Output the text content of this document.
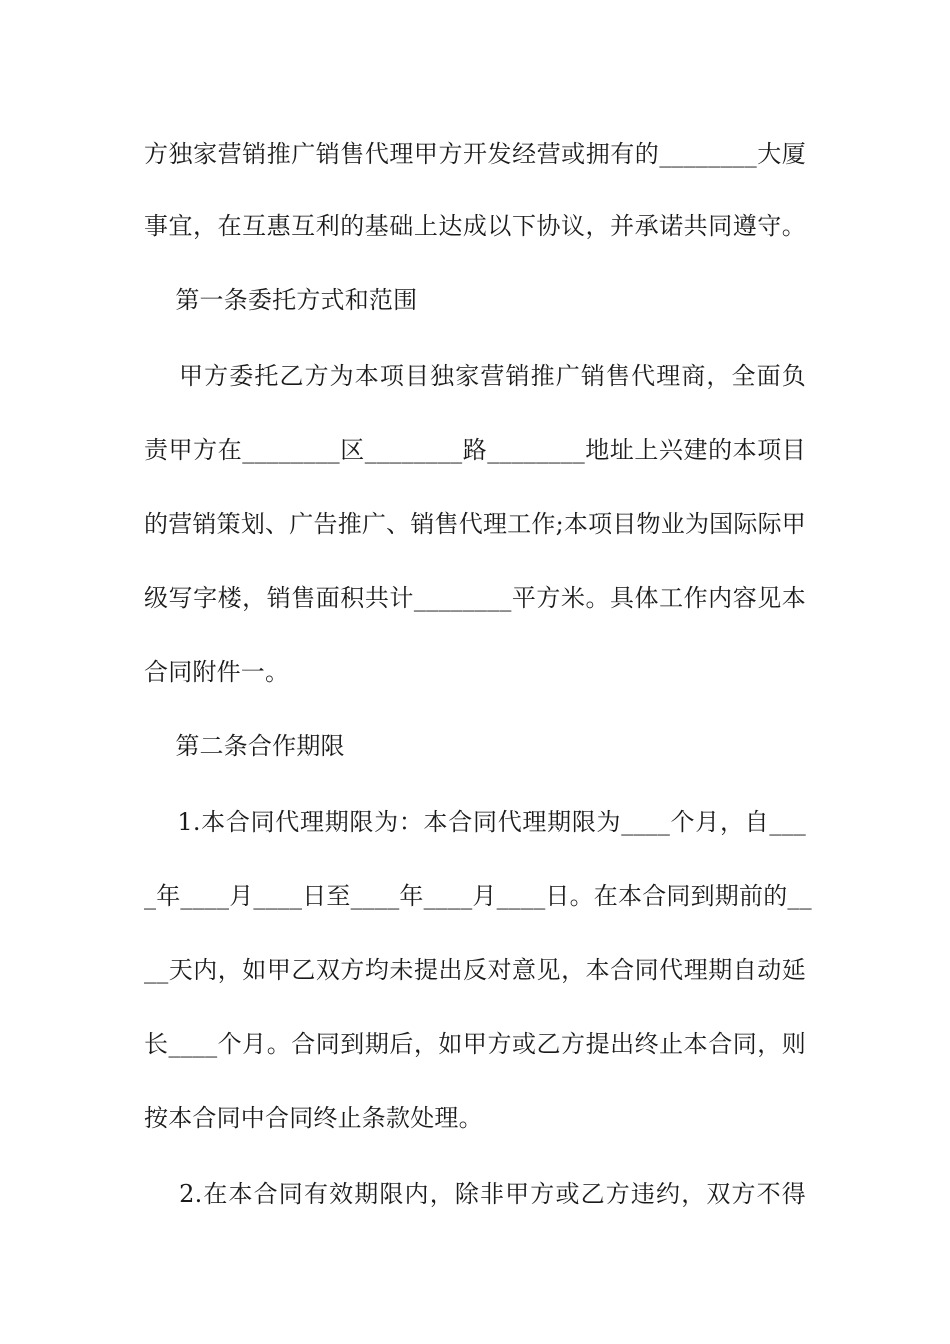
方独家营销推广销售代理甲方开发经营或拥有的________大厦
事宜，在互惠互利的基础上达成以下协议，并承诺共同遵守。
第一条委托方式和范围
甲方委托乙方为本项目独家营销推广销售代理商，全面负
责甲方在________区________路________地址上兴建的本项目
的营销策划、广告推广、销售代理工作;本项目物业为国际际甲
级写字楼，销售面积共计________平方米。具体工作内容见本
合同附件一。
第二条合作期限
1.本合同代理期限为：本合同代理期限为____个月，自___
_年____月____日至____年____月____日。在本合同到期前的__
__天内，如甲乙双方均未提出反对意见，本合同代理期自动延
长____个月。合同到期后，如甲方或乙方提出终止本合同，则
按本合同中合同终止条款处理。
2.在本合同有效期限内，除非甲方或乙方违约，双方不得
